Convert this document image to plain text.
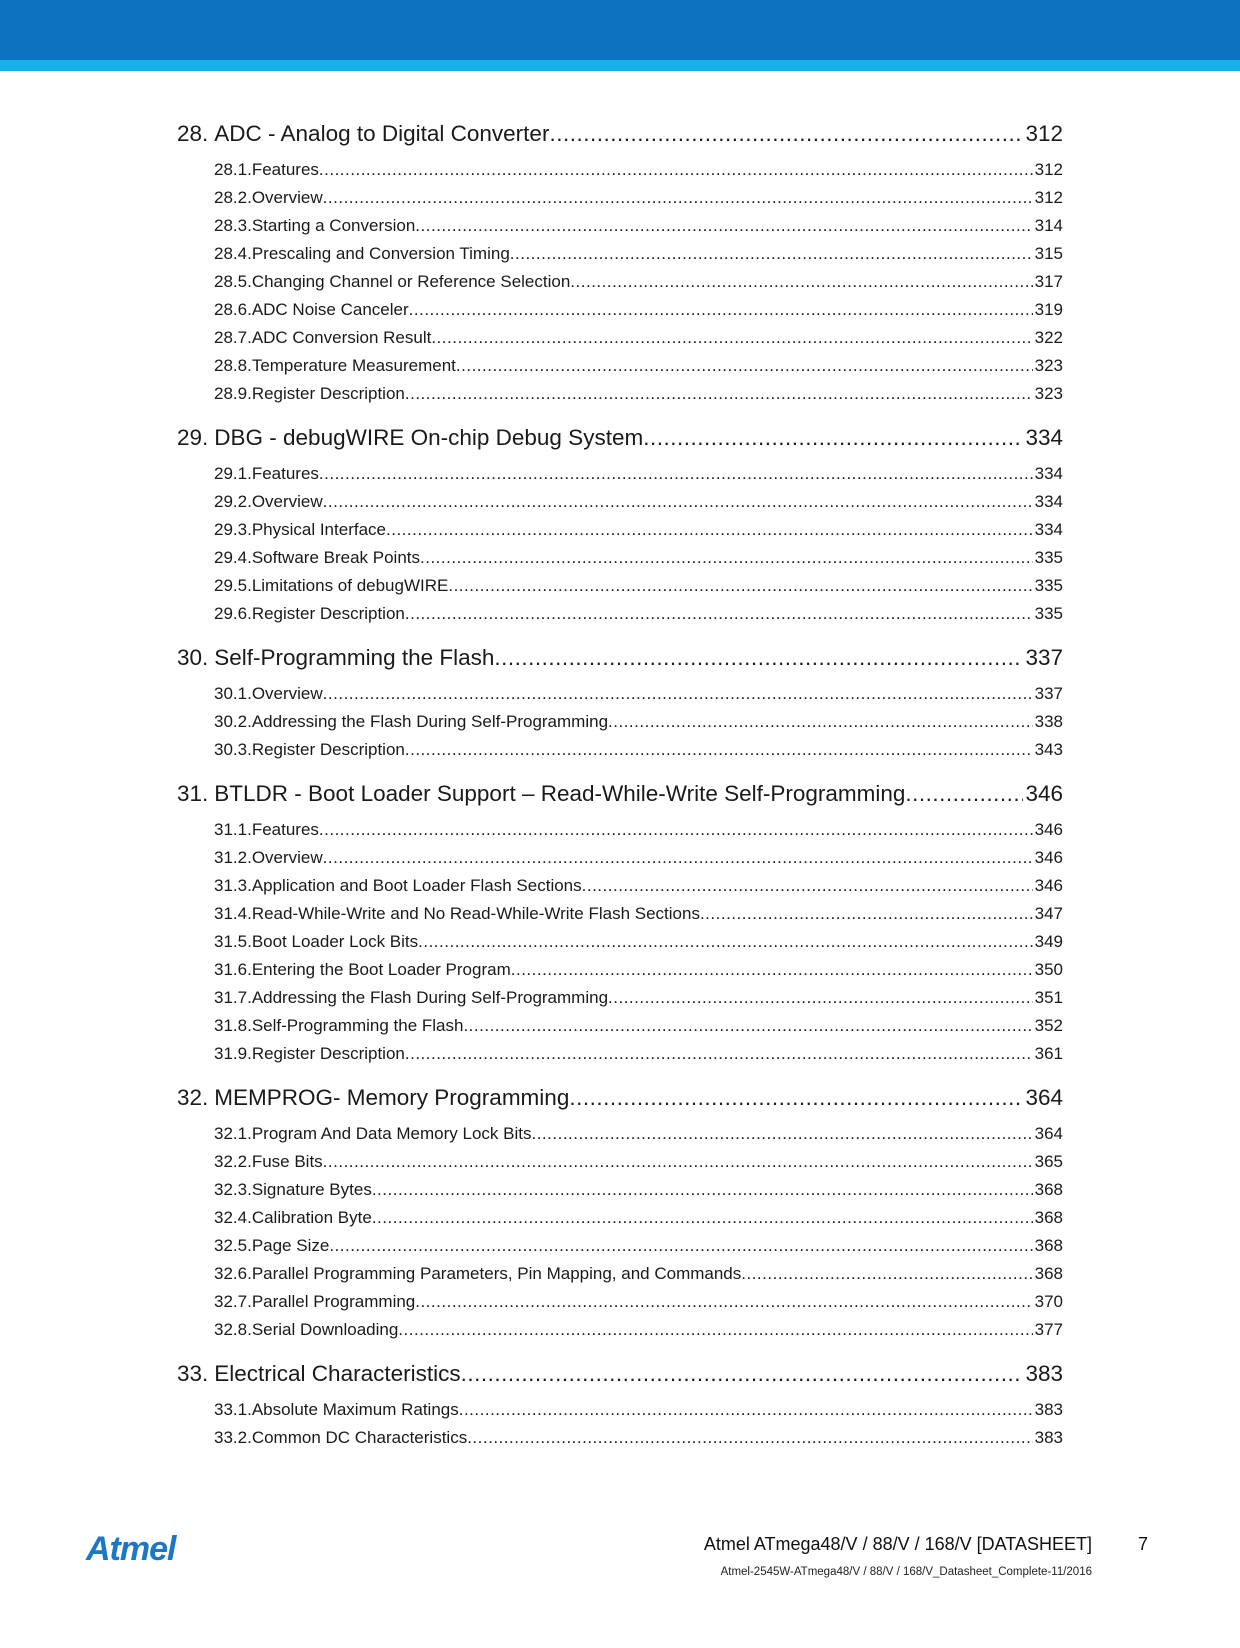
28. ADC - Analog to Digital Converter .....	312
28.1. Features .....	312
28.2. Overview .....	312
28.3. Starting a Conversion .....	314
28.4. Prescaling and Conversion Timing .....	315
28.5. Changing Channel or Reference Selection .....	317
28.6. ADC Noise Canceler .....	319
28.7. ADC Conversion Result .....	322
28.8. Temperature Measurement .....	323
28.9. Register Description .....	323
29. DBG - debugWIRE On-chip Debug System .....	334
29.1. Features .....	334
29.2. Overview .....	334
29.3. Physical Interface .....	334
29.4. Software Break Points .....	335
29.5. Limitations of debugWIRE .....	335
29.6. Register Description .....	335
30. Self-Programming the Flash .....	337
30.1. Overview .....	337
30.2. Addressing the Flash During Self-Programming .....	338
30.3. Register Description .....	343
31. BTLDR - Boot Loader Support – Read-While-Write Self-Programming .....	346
31.1. Features .....	346
31.2. Overview .....	346
31.3. Application and Boot Loader Flash Sections .....	346
31.4. Read-While-Write and No Read-While-Write Flash Sections .....	347
31.5. Boot Loader Lock Bits .....	349
31.6. Entering the Boot Loader Program .....	350
31.7. Addressing the Flash During Self-Programming .....	351
31.8. Self-Programming the Flash .....	352
31.9. Register Description .....	361
32. MEMPROG- Memory Programming .....	364
32.1. Program And Data Memory Lock Bits .....	364
32.2. Fuse Bits .....	365
32.3. Signature Bytes .....	368
32.4. Calibration Byte .....	368
32.5. Page Size .....	368
32.6. Parallel Programming Parameters, Pin Mapping, and Commands .....	368
32.7. Parallel Programming .....	370
32.8. Serial Downloading .....	377
33. Electrical Characteristics .....	383
33.1. Absolute Maximum Ratings .....	383
33.2. Common DC Characteristics .....	383
Atmel	Atmel ATmega48/V / 88/V / 168/V [DATASHEET]	7
Atmel-2545W-ATmega48/V / 88/V / 168/V_Datasheet_Complete-11/2016
